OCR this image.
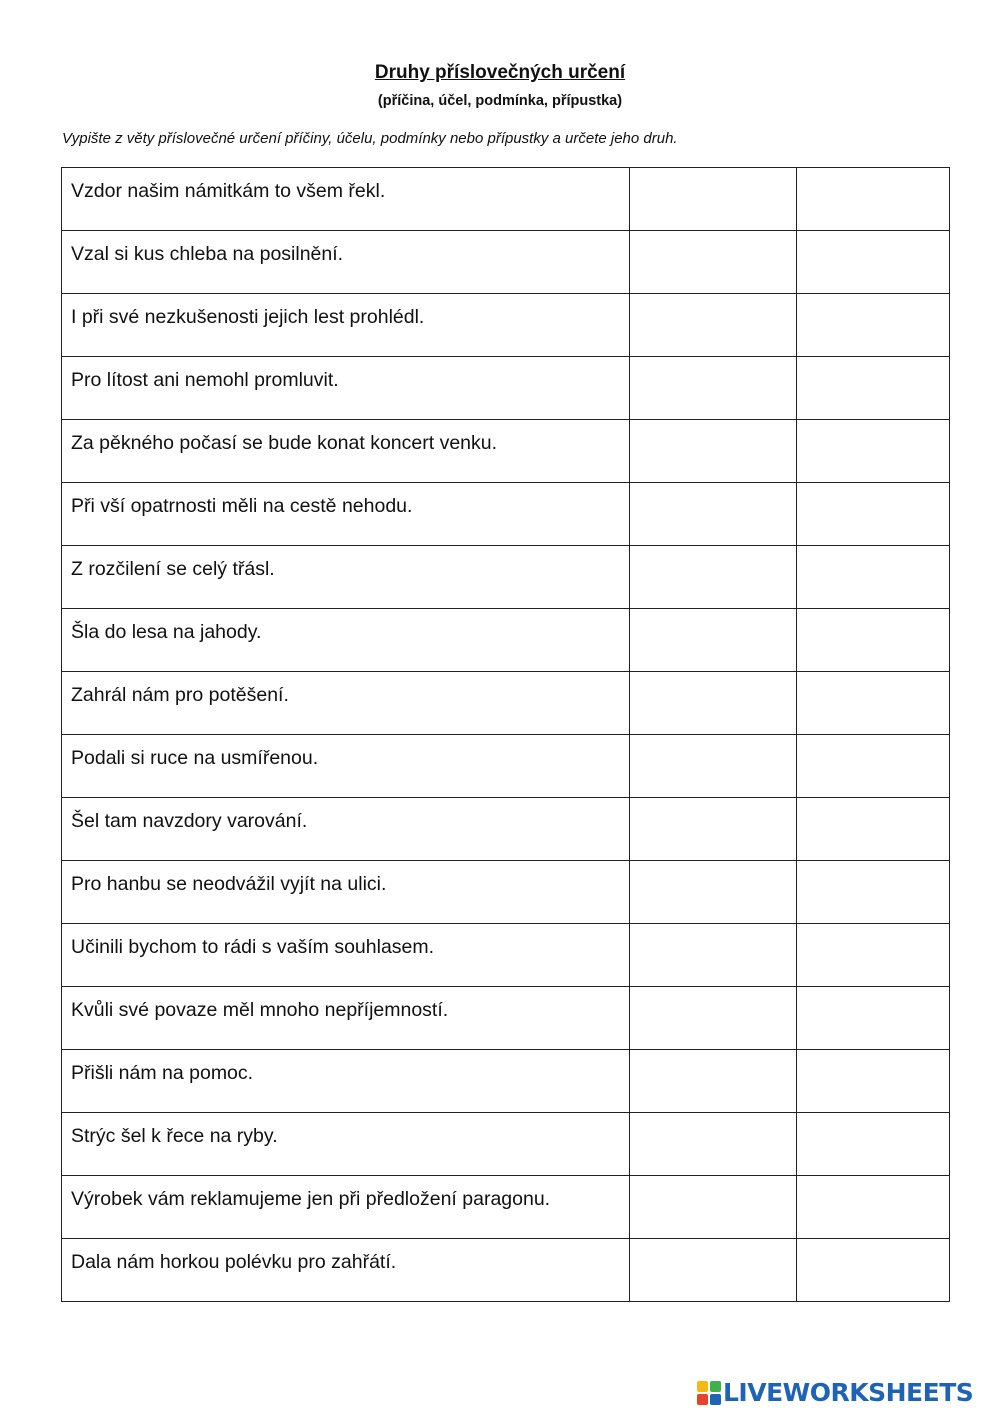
Druhy příslovečných určení
(příčina, účel, podmínka, přípustka)
Vypište z věty příslovečné určení příčiny, účelu, podmínky nebo přípustky a určete jeho druh.
Vzdor našim námitkám to všem řekl.		
Vzal si kus chleba na posilnění.		
I při své nezkušenosti jejich lest prohlédl.		
Pro lítost ani nemohl promluvit.		
Za pěkného počasí se bude konat koncert venku.		
Při vší opatrnosti měli na cestě nehodu.		
Z rozčilení se celý třásl.		
Šla do lesa na jahody.		
Zahrál nám pro potěšení.		
Podali si ruce na usmířenou.		
Šel tam navzdory varování.		
Pro hanbu se neodvážil vyjít na ulici.		
Učinili bychom to rádi s vaším souhlasem.		
Kvůli své povaze měl mnoho nepříjemností.		
Přišli nám na pomoc.		
Strýc šel k řece na ryby.		
Výrobek vám reklamujeme jen při předložení paragonu.		
Dala nám horkou polévku pro zahřátí.		
LIVEWORKSHEETS
